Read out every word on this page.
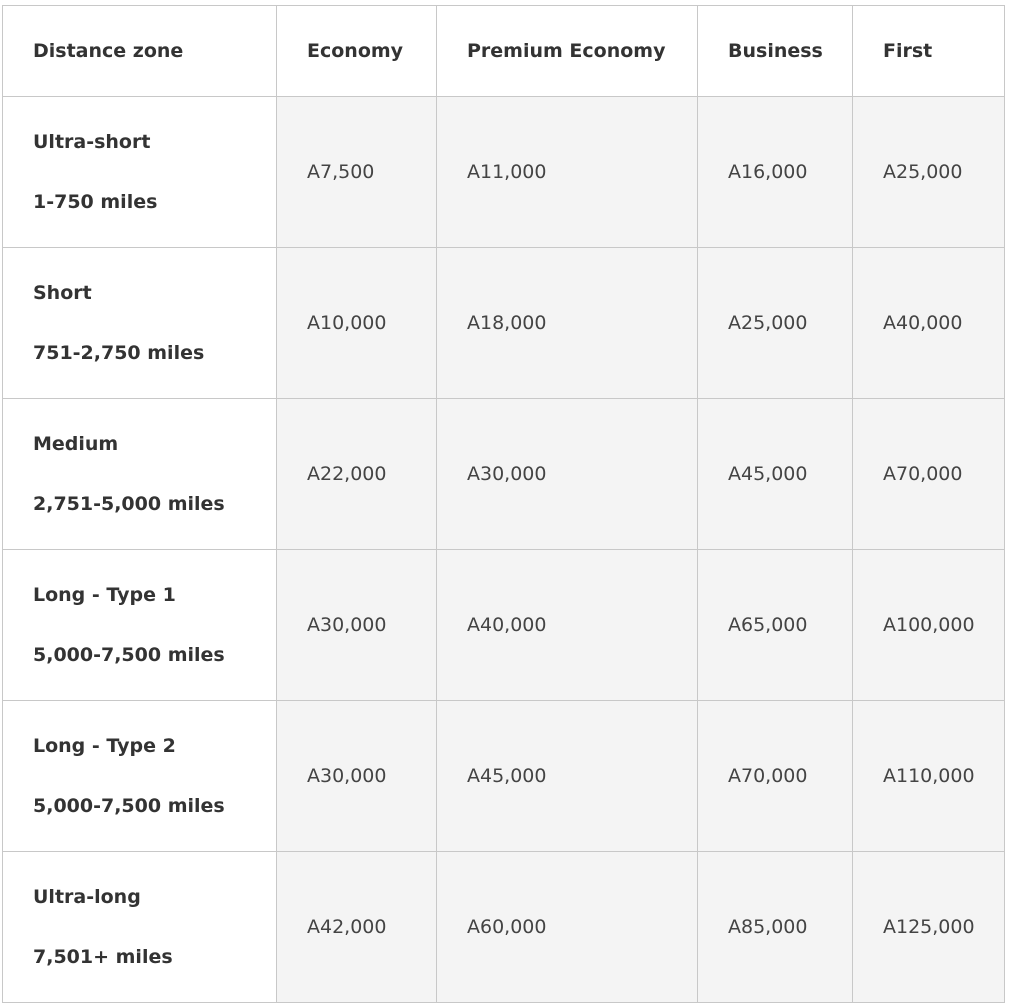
Distance zone	Economy	Premium Economy	Business	First

Ultra-short
1-750 miles	A7,500	A11,000	A16,000	A25,000

Short
751-2,750 miles	A10,000	A18,000	A25,000	A40,000

Medium
2,751-5,000 miles	A22,000	A30,000	A45,000	A70,000

Long - Type 1
5,000-7,500 miles	A30,000	A40,000	A65,000	A100,000

Long - Type 2
5,000-7,500 miles	A30,000	A45,000	A70,000	A110,000

Ultra-long
7,501+ miles	A42,000	A60,000	A85,000	A125,000
